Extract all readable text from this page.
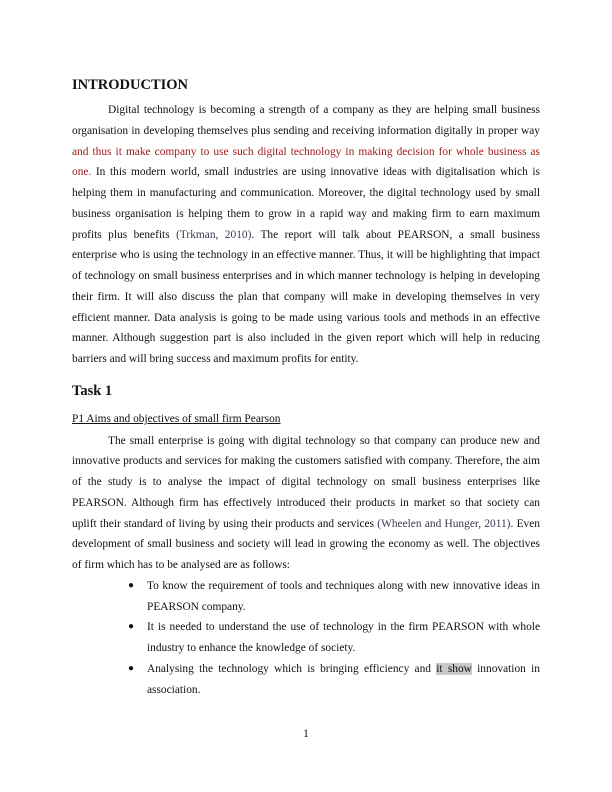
INTRODUCTION

Digital technology is becoming a strength of a company as they are helping small business organisation in developing themselves plus sending and receiving information digitally in proper way and thus it make company to use such digital technology in making decision for whole business as one. In this modern world, small industries are using innovative ideas with digitalisation which is helping them in manufacturing and communication. Moreover, the digital technology used by small business organisation is helping them to grow in a rapid way and making firm to earn maximum profits plus benefits (Trkman, 2010). The report will talk about PEARSON, a small business enterprise who is using the technology in an effective manner. Thus, it will be highlighting that impact of technology on small business enterprises and in which manner technology is helping in developing their firm. It will also discuss the plan that company will make in developing themselves in very efficient manner. Data analysis is going to be made using various tools and methods in an effective manner. Although suggestion part is also included in the given report which will help in reducing barriers and will bring success and maximum profits for entity.

Task 1
P1 Aims and objectives of small firm Pearson

The small enterprise is going with digital technology so that company can produce new and innovative products and services for making the customers satisfied with company. Therefore, the aim of the study is to analyse the impact of digital technology on small business enterprises like PEARSON. Although firm has effectively introduced their products in market so that society can uplift their standard of living by using their products and services (Wheelen and Hunger, 2011). Even development of small business and society will lead in growing the economy as well. The objectives of firm which has to be analysed are as follows:

● To know the requirement of tools and techniques along with new innovative ideas in PEARSON company.
● It is needed to understand the use of technology in the firm PEARSON with whole industry to enhance the knowledge of society.
● Analysing the technology which is bringing efficiency and it show innovation in association.
1
